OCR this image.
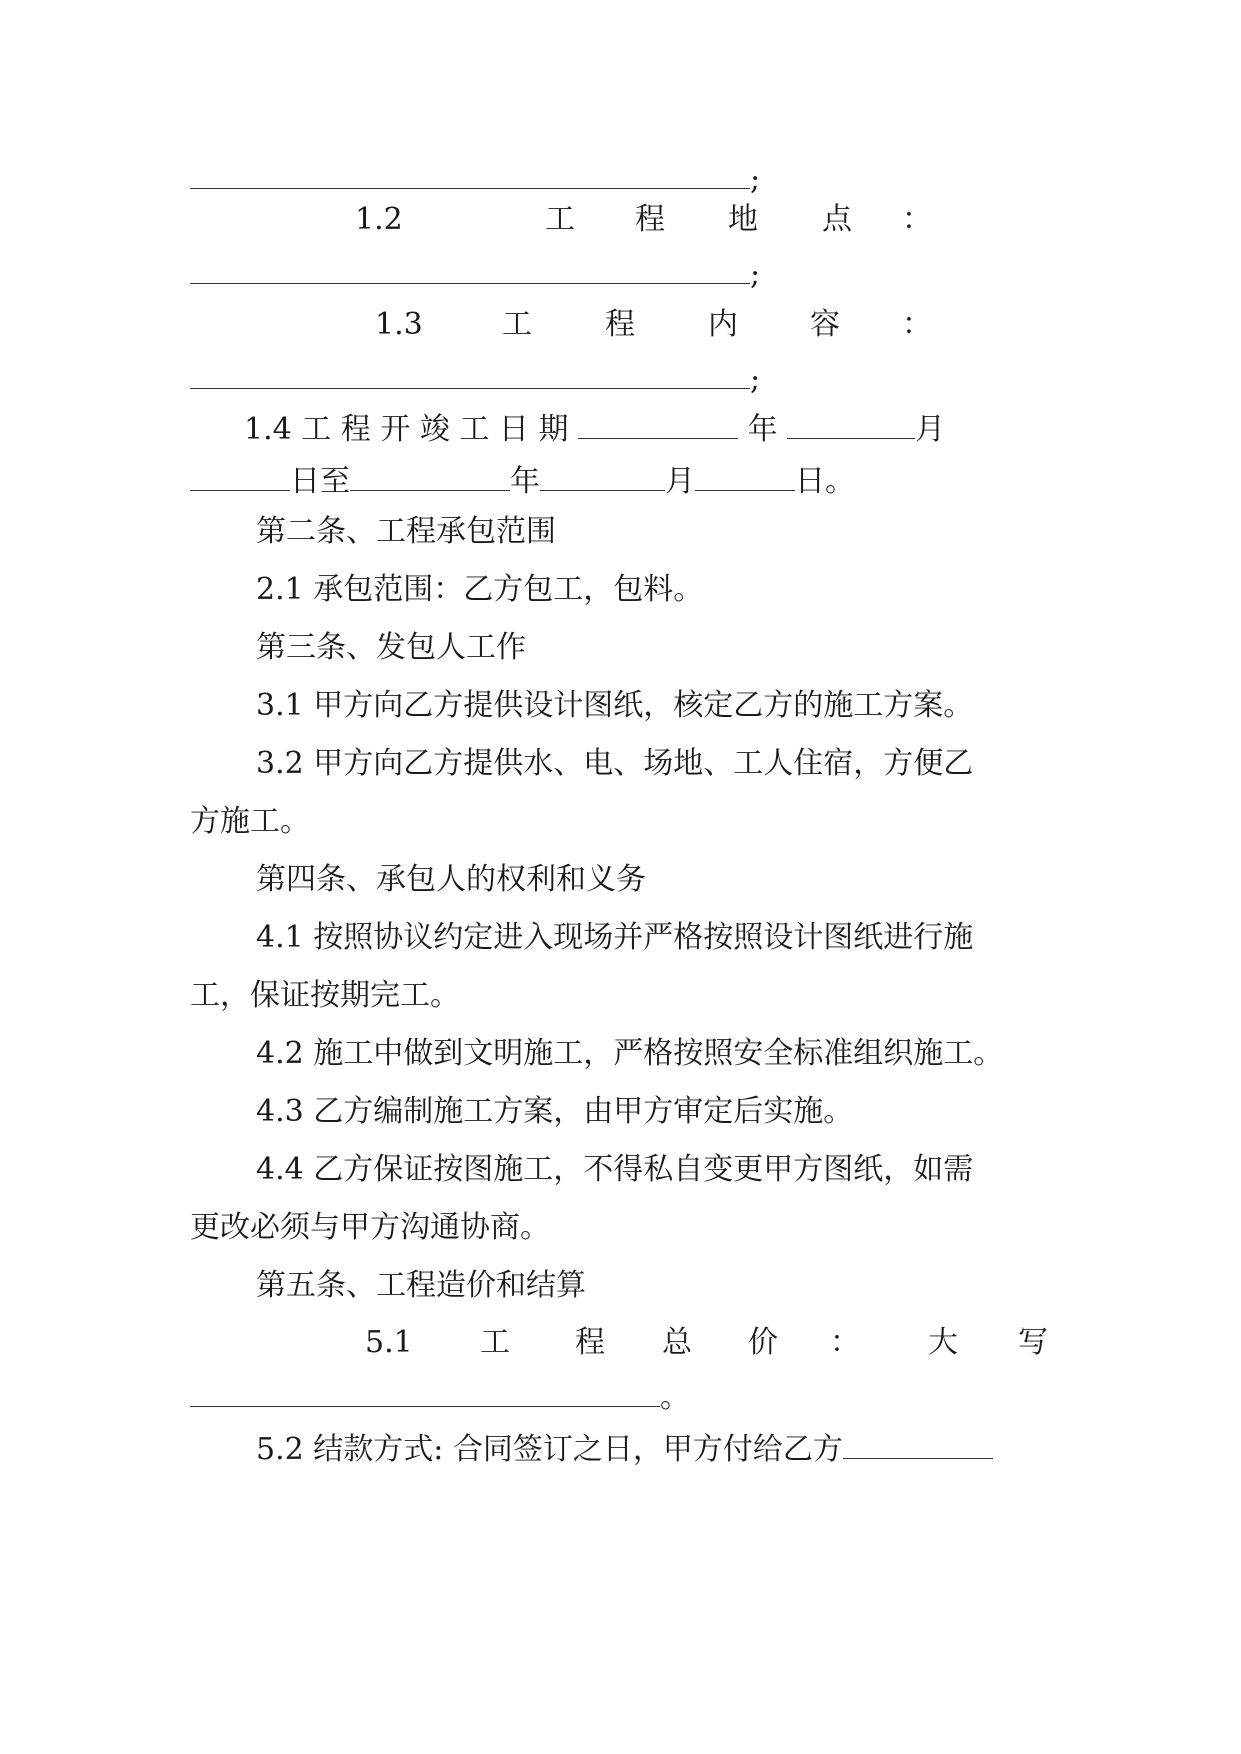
;
1.2	工 程 地 点 ：
;
1.3	工 程 内 容 ：
;
1.4 工 程 开 竣 工 日 期	年	月
日至	年	月	日。
第二条、工程承包范围
2.1 承包范围：乙方包工，包料。
第三条、发包人工作
3.1 甲方向乙方提供设计图纸，核定乙方的施工方案。
3.2 甲方向乙方提供水、电、场地、工人住宿，方便乙
方施工。
第四条、承包人的权利和义务
4.1 按照协议约定进入现场并严格按照设计图纸进行施
工，保证按期完工。
4.2 施工中做到文明施工，严格按照安全标准组织施工。
4.3 乙方编制施工方案，由甲方审定后实施。
4.4 乙方保证按图施工，不得私自变更甲方图纸，如需
更改必须与甲方沟通协商。
第五条、工程造价和结算
5.1 工 程 总 价 ： 大 写
。
5.2 结款方式: 合同签订之日，甲方付给乙方
